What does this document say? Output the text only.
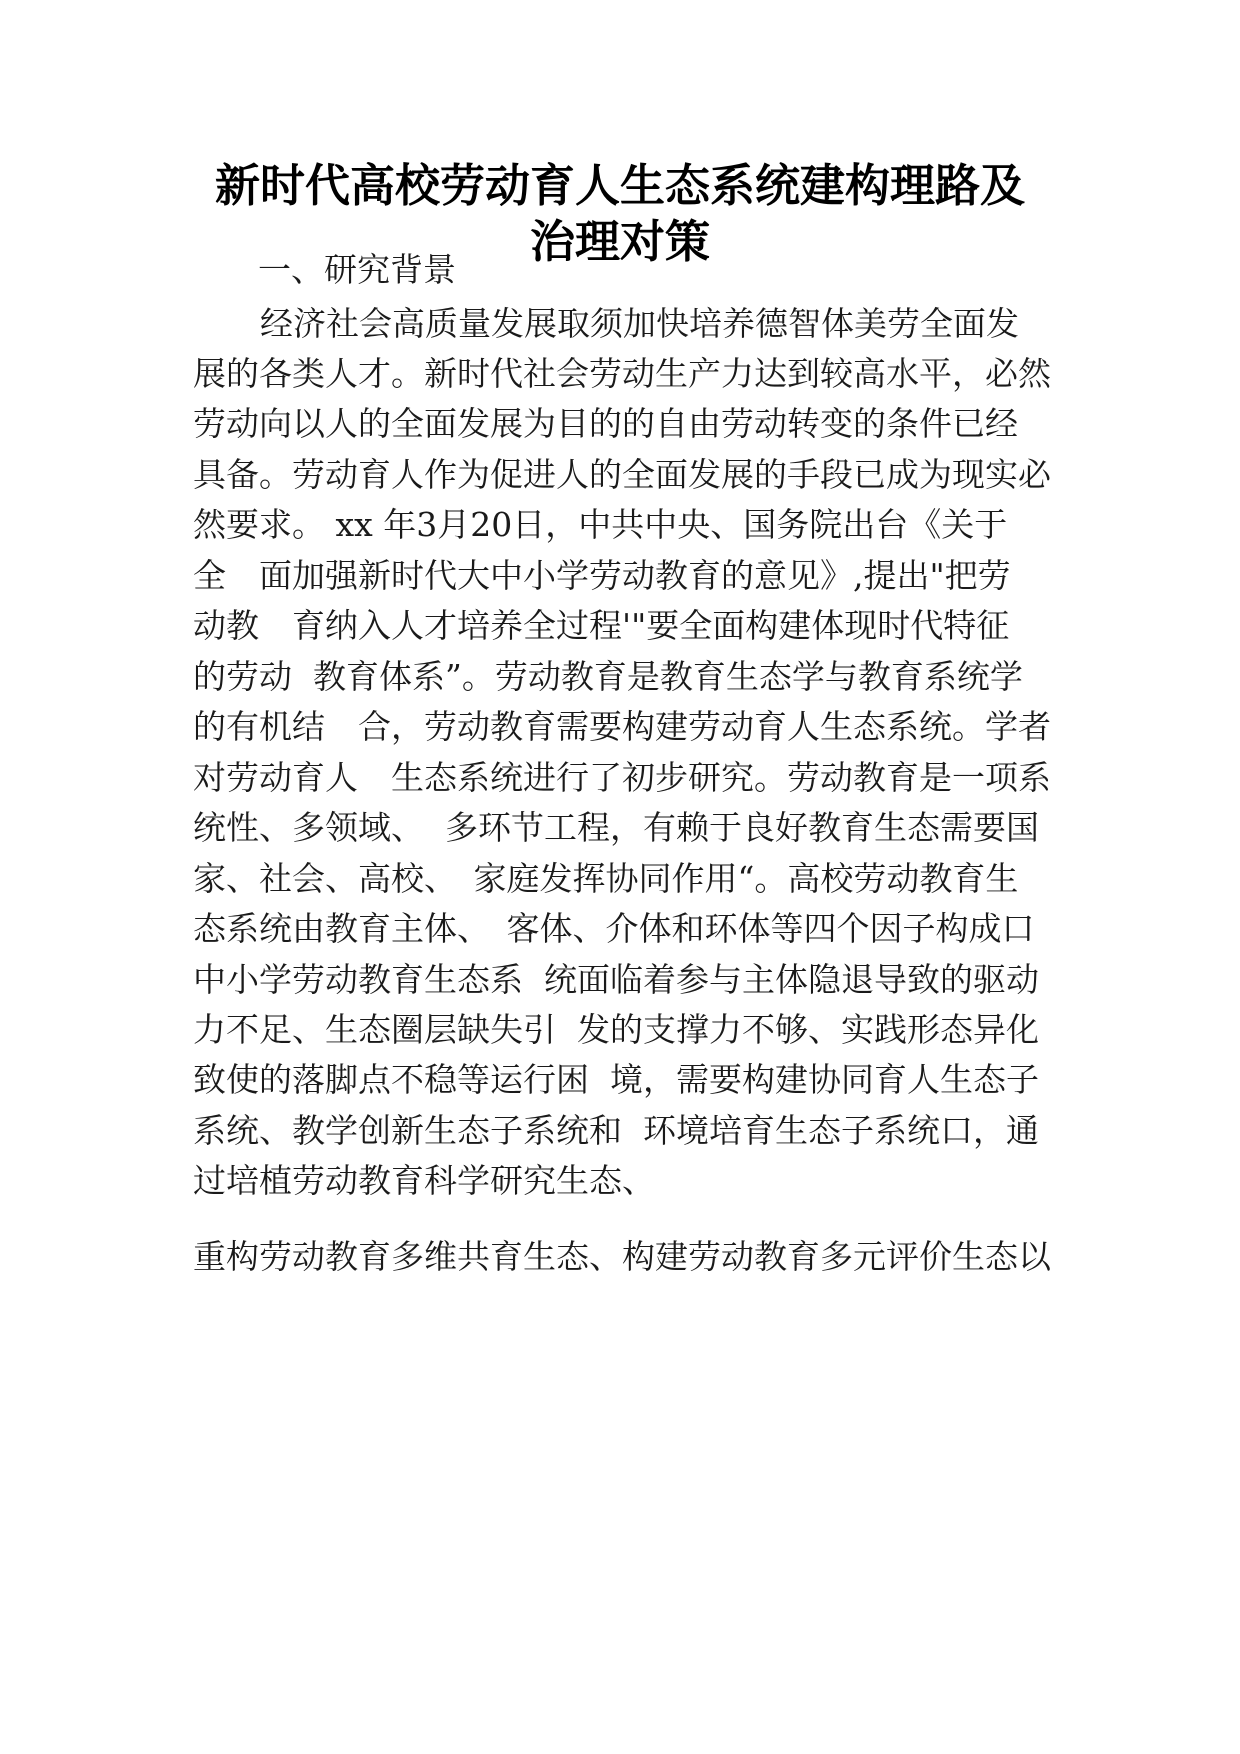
新时代高校劳动育人生态系统建构理路及
治理对策

一、研究背景

经济社会高质量发展取须加快培养德智体美劳全面发

展的各类人才。新时代社会劳动生产力达到较高水平，必然

劳动向以人的全面发展为目的的自由劳动转变的条件已经

具备。劳动育人作为促进人的全面发展的手段已成为现实必

然要求。 xx 年3月20日，中共中央、国务院出台《关于

全　面加强新时代大中小学劳动教育的意见》,提出"把劳

动教　育纳入人才培养全过程'"要全面构建体现时代特征

的劳动  教育体系”。劳动教育是教育生态学与教育系统学

的有机结　合，劳动教育需要构建劳动育人生态系统。学者

对劳动育人　生态系统进行了初步研究。劳动教育是一项系

统性、多领域、  多环节工程，有赖于良好教育生态需要国

家、社会、高校、　家庭发挥协同作用“。高校劳动教育生

态系统由教育主体、　客体、介体和环体等四个因子构成口

中小学劳动教育生态系  统面临着参与主体隐退导致的驱动

力不足、生态圈层缺失引  发的支撑力不够、实践形态异化

致使的落脚点不稳等运行困  境，需要构建协同育人生态子

系统、教学创新生态子系统和  环境培育生态子系统口，通

过培植劳动教育科学研究生态、

重构劳动教育多维共育生态、构建劳动教育多元评价生态以
